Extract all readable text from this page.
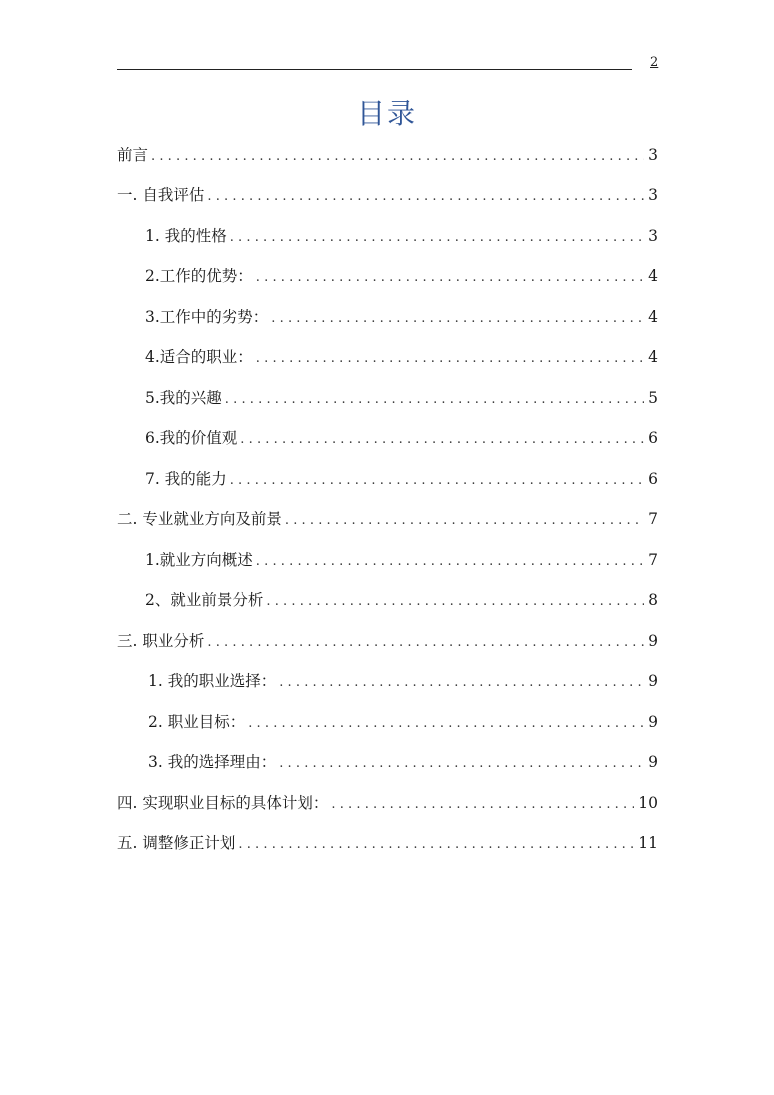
2
目录
前言 .....	3
一. 自我评估 .....	3
1. 我的性格 .....	3
2.工作的优势： .....	4
3.工作中的劣势： .....	4
4.适合的职业： .....	4
5.我的兴趣 .....	5
6.我的价值观 .....	6
7. 我的能力 .....	6
二. 专业就业方向及前景 .....	7
1.就业方向概述 .....	7
2、就业前景分析 .....	8
三. 职业分析 .....	9
1. 我的职业选择： .....	9
2. 职业目标： .....	9
3. 我的选择理由： .....	9
四. 实现职业目标的具体计划： .....	10
五. 调整修正计划 .....	11
